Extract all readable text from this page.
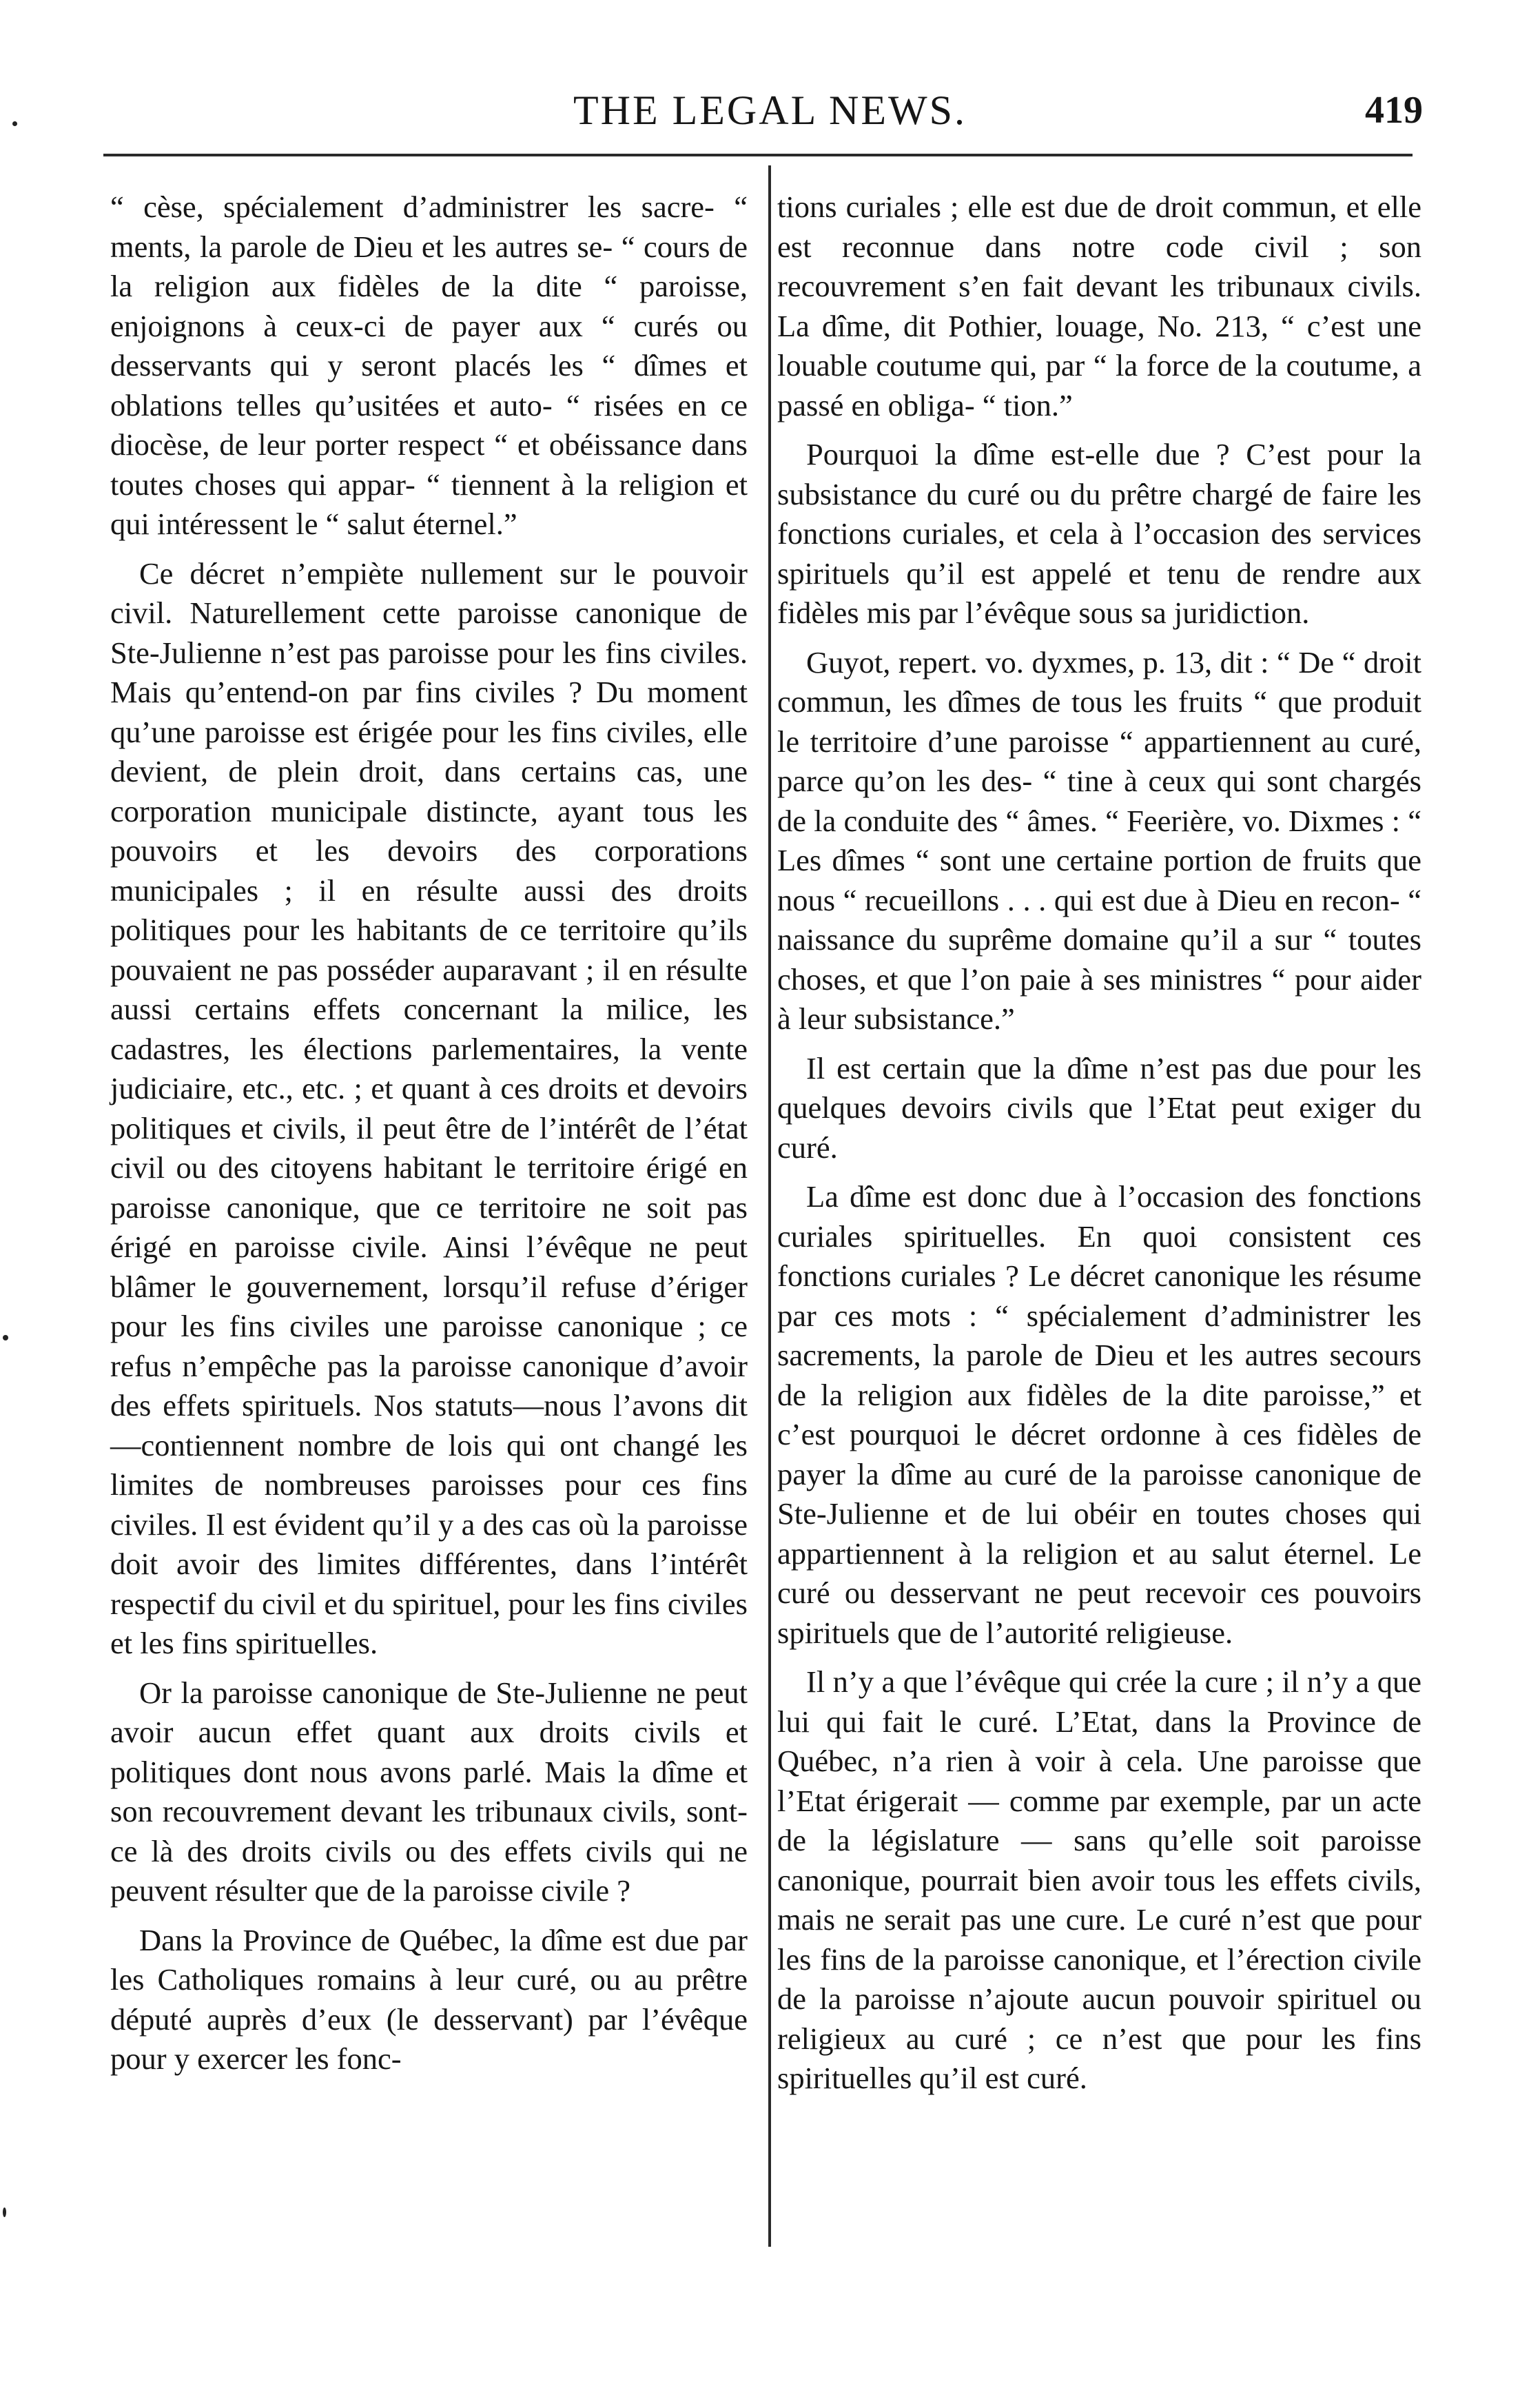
THE LEGAL NEWS.	419

“ cèse, spécialement d’administrer les sacre- “ ments, la parole de Dieu et les autres se- “ cours de la religion aux fidèles de la dite “ paroisse, enjoignons à ceux-ci de payer aux “ curés ou desservants qui y seront placés les “ dîmes et oblations telles qu’usitées et auto- “ risées en ce diocèse, de leur porter respect “ et obéissance dans toutes choses qui appar- “ tiennent à la religion et qui intéressent le “ salut éternel.”

Ce décret n’empiète nullement sur le pouvoir civil. Naturellement cette paroisse canonique de Ste-Julienne n’est pas paroisse pour les fins civiles. Mais qu’entend-on par fins civiles ? Du moment qu’une paroisse est érigée pour les fins civiles, elle devient, de plein droit, dans certains cas, une corporation municipale distincte, ayant tous les pouvoirs et les devoirs des corporations municipales ; il en résulte aussi des droits politiques pour les habitants de ce territoire qu’ils pouvaient ne pas posséder auparavant ; il en résulte aussi certains effets concernant la milice, les cadastres, les élections parlementaires, la vente judiciaire, etc., etc. ; et quant à ces droits et devoirs politiques et civils, il peut être de l’intérêt de l’état civil ou des citoyens habitant le territoire érigé en paroisse canonique, que ce territoire ne soit pas érigé en paroisse civile. Ainsi l’évêque ne peut blâmer le gouvernement, lorsqu’il refuse d’ériger pour les fins civiles une paroisse canonique ; ce refus n’empêche pas la paroisse canonique d’avoir des effets spirituels. Nos statuts—nous l’avons dit—contiennent nombre de lois qui ont changé les limites de nombreuses paroisses pour ces fins civiles. Il est évident qu’il y a des cas où la paroisse doit avoir des limites différentes, dans l’intérêt respectif du civil et du spirituel, pour les fins civiles et les fins spirituelles.

Or la paroisse canonique de Ste-Julienne ne peut avoir aucun effet quant aux droits civils et politiques dont nous avons parlé. Mais la dîme et son recouvrement devant les tribunaux civils, sont-ce là des droits civils ou des effets civils qui ne peuvent résulter que de la paroisse civile ?

Dans la Province de Québec, la dîme est due par les Catholiques romains à leur curé, ou au prêtre député auprès d’eux (le desservant) par l’évêque pour y exercer les fonc-

tions curiales ; elle est due de droit commun, et elle est reconnue dans notre code civil ; son recouvrement s’en fait devant les tribunaux civils. La dîme, dit Pothier, louage, No. 213, “ c’est une louable coutume qui, par “ la force de la coutume, a passé en obliga- “ tion.”

Pourquoi la dîme est-elle due ? C’est pour la subsistance du curé ou du prêtre chargé de faire les fonctions curiales, et cela à l’occasion des services spirituels qu’il est appelé et tenu de rendre aux fidèles mis par l’évêque sous sa juridiction.

Guyot, repert. vo. dyxmes, p. 13, dit : “ De “ droit commun, les dîmes de tous les fruits “ que produit le territoire d’une paroisse “ appartiennent au curé, parce qu’on les des- “ tine à ceux qui sont chargés de la conduite des “ âmes. “ Feerière, vo. Dixmes : “ Les dîmes “ sont une certaine portion de fruits que nous “ recueillons . . . qui est due à Dieu en recon- “ naissance du suprême domaine qu’il a sur “ toutes choses, et que l’on paie à ses ministres “ pour aider à leur subsistance.”

Il est certain que la dîme n’est pas due pour les quelques devoirs civils que l’Etat peut exiger du curé.

La dîme est donc due à l’occasion des fonctions curiales spirituelles. En quoi consistent ces fonctions curiales ? Le décret canonique les résume par ces mots : “ spécialement d’administrer les sacrements, la parole de Dieu et les autres secours de la religion aux fidèles de la dite paroisse,” et c’est pourquoi le décret ordonne à ces fidèles de payer la dîme au curé de la paroisse canonique de Ste-Julienne et de lui obéir en toutes choses qui appartiennent à la religion et au salut éternel. Le curé ou desservant ne peut recevoir ces pouvoirs spirituels que de l’autorité religieuse.

Il n’y a que l’évêque qui crée la cure ; il n’y a que lui qui fait le curé. L’Etat, dans la Province de Québec, n’a rien à voir à cela. Une paroisse que l’Etat érigerait — comme par exemple, par un acte de la législature — sans qu’elle soit paroisse canonique, pourrait bien avoir tous les effets civils, mais ne serait pas une cure. Le curé n’est que pour les fins de la paroisse canonique, et l’érection civile de la paroisse n’ajoute aucun pouvoir spirituel ou religieux au curé ; ce n’est que pour les fins spirituelles qu’il est curé.
